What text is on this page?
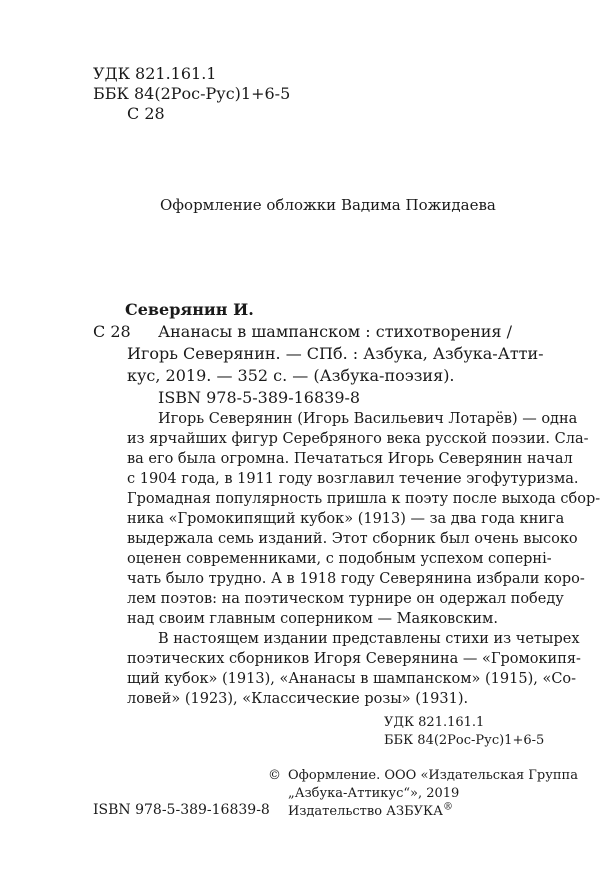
УДК 821.161.1
ББК 84(2Рос-Рус)1+6-5
С 28
Оформление обложки Вадима Пожидаева
Северянин И.
С 28 Ананасы в шампанском : стихотворения /
Игорь Северянин. — СПб. : Азбука, Азбука-Атти-
кус, 2019. — 352 с. — (Азбука-поэзия).
ISBN 978-5-389-16839-8
Игорь Северянин (Игорь Васильевич Лотарёв) — одна
из ярчайших фигур Серебряного века русской поэзии. Сла-
ва его была огромна. Печататься Игорь Северянин начал
с 1904 года, в 1911 году возглавил течение эгофутуризма.
Громадная популярность пришла к поэту после выхода сбор-
ника «Громокипящий кубок» (1913) — за два года книга
выдержала семь изданий. Этот сборник был очень высоко
оценен современниками, с подобным успехом сопернi-
чать было трудно. А в 1918 году Северянина избрали коро-
лем поэтов: на поэтическом турнире он одержал победу
над своим главным соперником — Маяковским.
В настоящем издании представлены стихи из четырех
поэтических сборников Игоря Северянина — «Громокипя-
щий кубок» (1913), «Ананасы в шампанском» (1915), «Со-
ловей» (1923), «Классические розы» (1931).
УДК 821.161.1
ББК 84(2Рос-Рус)1+6-5
© Оформление. ООО «Издательская Группа
„Азбука-Аттикус“», 2019
ISBN 978-5-389-16839-8 Издательство АЗБУКА®
